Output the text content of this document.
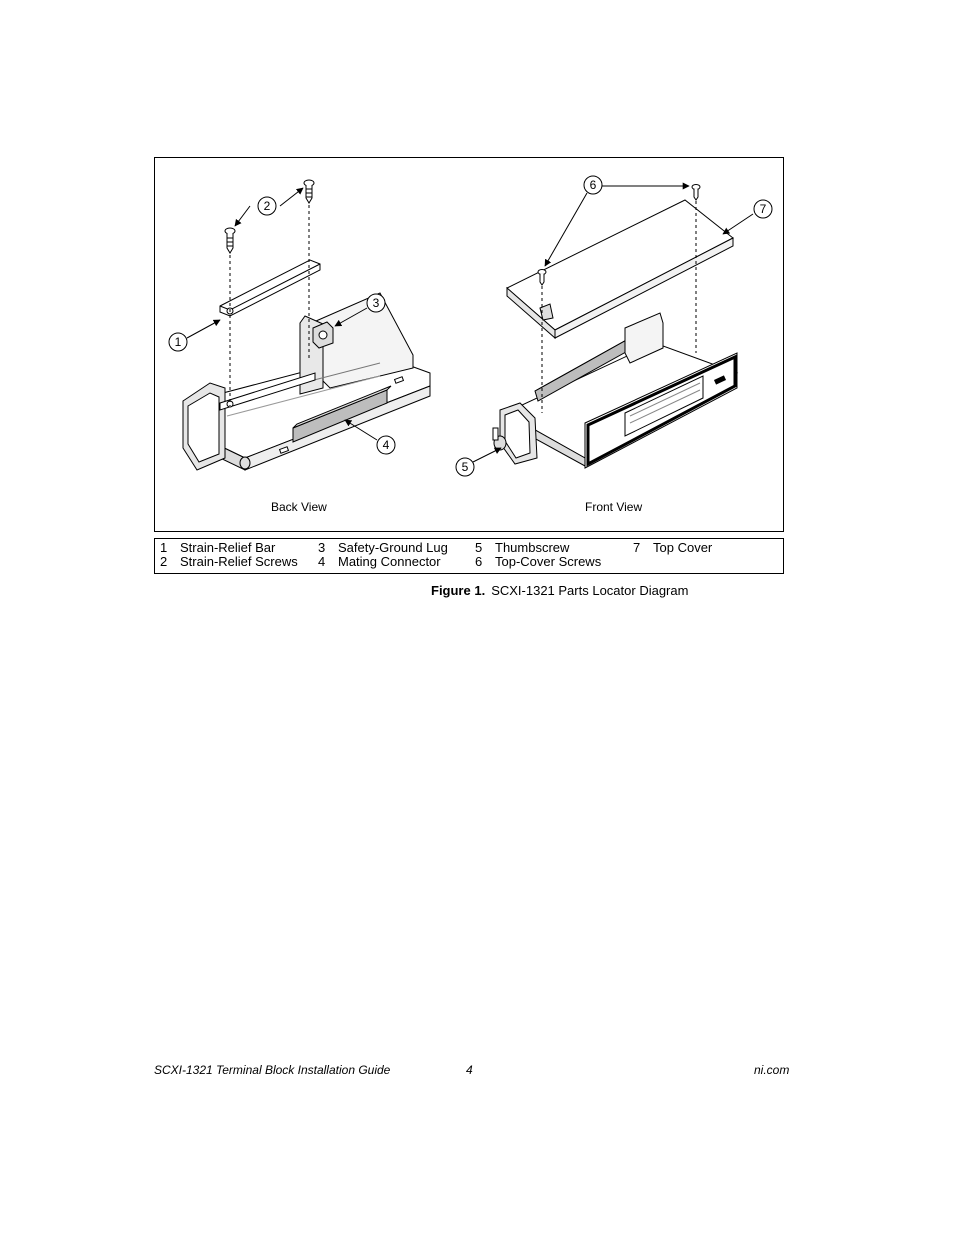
2
1
3
4
6
7
5
Back View	Front View
1 Strain-Relief Bar
2 Strain-Relief Screws
3 Safety-Ground Lug
4 Mating Connector
5 Thumbscrew
6 Top-Cover Screws
7 Top Cover
Figure 1. SCXI-1321 Parts Locator Diagram
SCXI-1321 Terminal Block Installation Guide	4	ni.com
